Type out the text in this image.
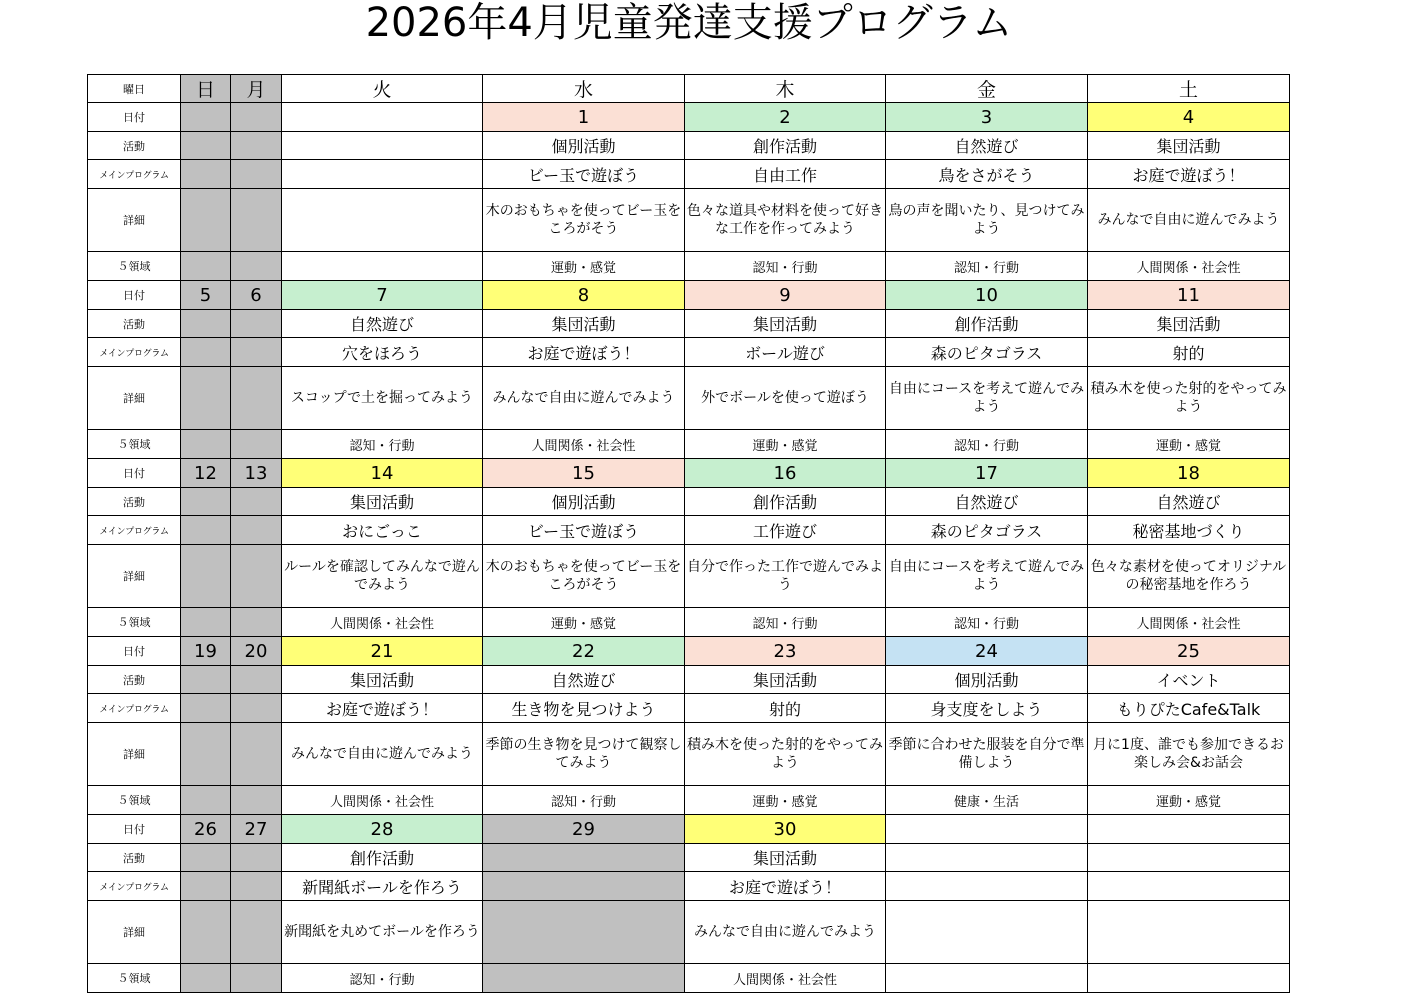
2026年4月児童発達支援プログラム
曜日	日	月	火	水	木	金	土
日付				1	2	3	4
活動				個別活動	創作活動	自然遊び	集団活動
メインプログラム				ビー玉で遊ぼう	自由工作	鳥をさがそう	お庭で遊ぼう！
詳細				木のおもちゃを使ってビー玉をころがそう	色々な道具や材料を使って好きな工作を作ってみよう	鳥の声を聞いたり、見つけてみよう	みんなで自由に遊んでみよう
５領域				運動・感覚	認知・行動	認知・行動	人間関係・社会性
日付	5	6	7	8	9	10	11
活動			自然遊び	集団活動	集団活動	創作活動	集団活動
メインプログラム			穴をほろう	お庭で遊ぼう！	ボール遊び	森のピタゴラス	射的
詳細			スコップで土を掘ってみよう	みんなで自由に遊んでみよう	外でボールを使って遊ぼう	自由にコースを考えて遊んでみよう	積み木を使った射的をやってみよう
５領域			認知・行動	人間関係・社会性	運動・感覚	認知・行動	運動・感覚
日付	12	13	14	15	16	17	18
活動			集団活動	個別活動	創作活動	自然遊び	自然遊び
メインプログラム			おにごっこ	ビー玉で遊ぼう	工作遊び	森のピタゴラス	秘密基地づくり
詳細			ルールを確認してみんなで遊んでみよう	木のおもちゃを使ってビー玉をころがそう	自分で作った工作で遊んでみよう	自由にコースを考えて遊んでみよう	色々な素材を使ってオリジナルの秘密基地を作ろう
５領域			人間関係・社会性	運動・感覚	認知・行動	認知・行動	人間関係・社会性
日付	19	20	21	22	23	24	25
活動			集団活動	自然遊び	集団活動	個別活動	イベント
メインプログラム			お庭で遊ぼう！	生き物を見つけよう	射的	身支度をしよう	もりぴたCafe&Talk
詳細			みんなで自由に遊んでみよう	季節の生き物を見つけて観察してみよう	積み木を使った射的をやってみよう	季節に合わせた服装を自分で準備しよう	月に1度、誰でも参加できるお楽しみ会&お話会
５領域			人間関係・社会性	認知・行動	運動・感覚	健康・生活	運動・感覚
日付	26	27	28	29	30		
活動			創作活動		集団活動		
メインプログラム			新聞紙ボールを作ろう		お庭で遊ぼう！		
詳細			新聞紙を丸めてボールを作ろう		みんなで自由に遊んでみよう		
５領域			認知・行動		人間関係・社会性		
